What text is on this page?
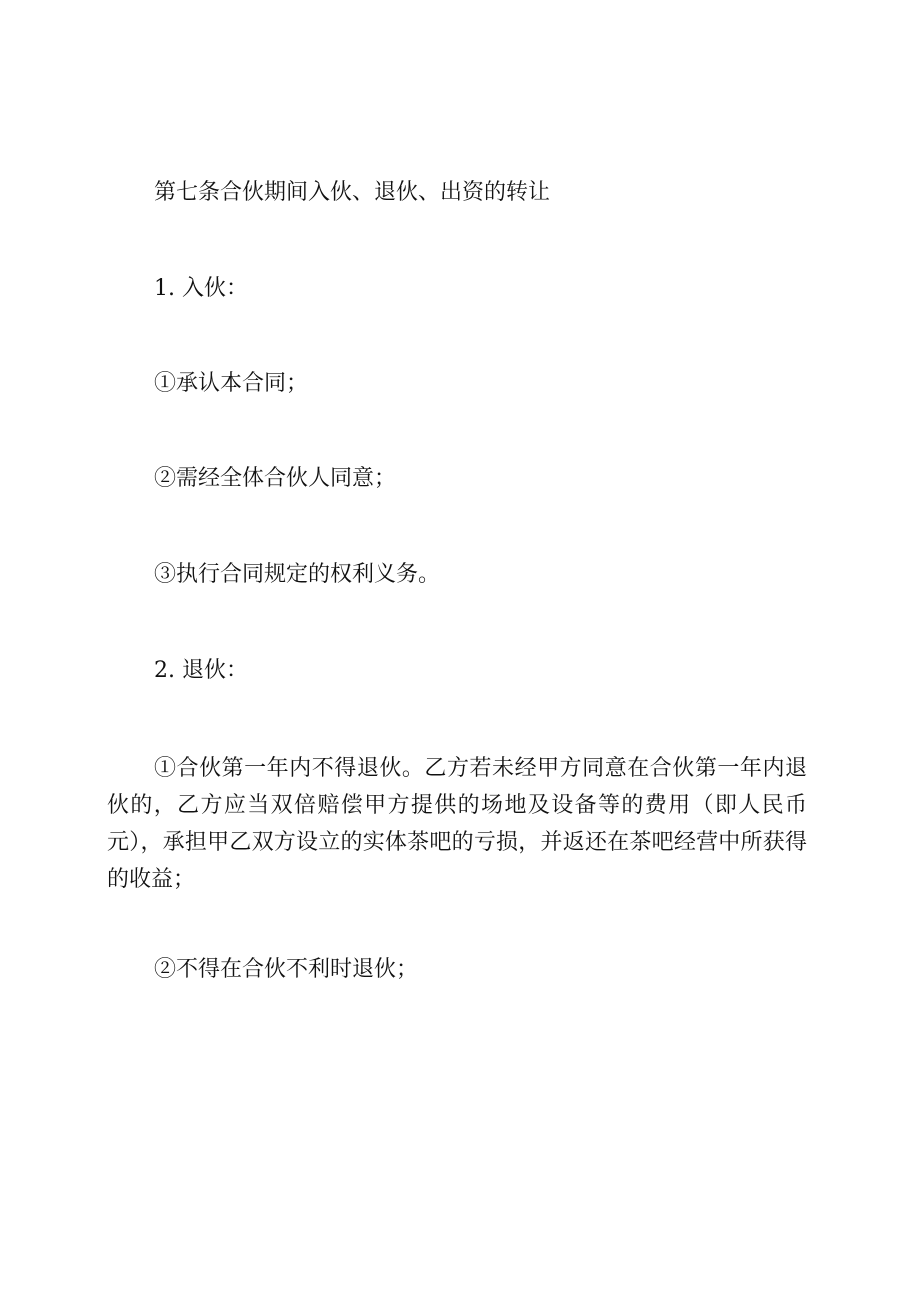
第七条合伙期间入伙、退伙、出资的转让
1. 入伙：
①承认本合同；
②需经全体合伙人同意；
③执行合同规定的权利义务。
2. 退伙：
①合伙第一年内不得退伙。乙方若未经甲方同意在合伙第一年内退伙的，乙方应当双倍赔偿甲方提供的场地及设备等的费用（即人民币元），承担甲乙双方设立的实体茶吧的亏损，并返还在茶吧经营中所获得的收益；
②不得在合伙不利时退伙；
